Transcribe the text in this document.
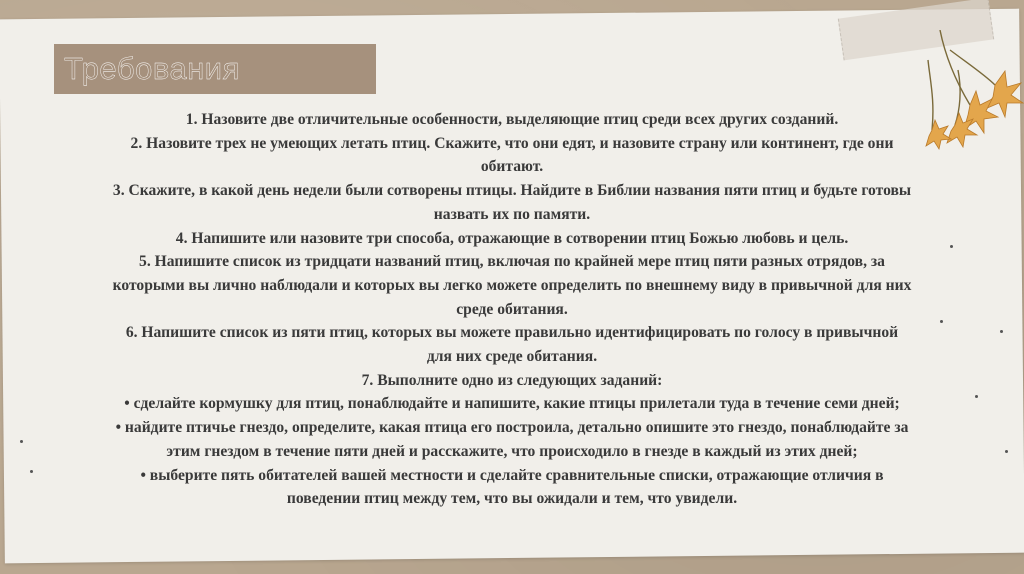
Требования
1. Назовите две отличительные особенности, выделяющие птиц среди всех других созданий.
2. Назовите трех не умеющих летать птиц. Скажите, что они едят, и назовите страну или континент, где они
обитают.
3. Скажите, в какой день недели были сотворены птицы. Найдите в Библии названия пяти птиц и будьте готовы
назвать их по памяти.
4. Напишите или назовите три способа, отражающие в сотворении птиц Божью любовь и цель.
5. Напишите список из тридцати названий птиц, включая по крайней мере птиц пяти разных отрядов, за
которыми вы лично наблюдали и которых вы легко можете определить по внешнему виду в привычной для них
среде обитания.
6. Напишите список из пяти птиц, которых вы можете правильно идентифицировать по голосу в привычной
для них среде обитания.
7. Выполните одно из следующих заданий:
• сделайте кормушку для птиц, понаблюдайте и напишите, какие птицы прилетали туда в течение семи дней;
• найдите птичье гнездо, определите, какая птица его построила, детально опишите это гнездо, понаблюдайте за
этим гнездом в течение пяти дней и расскажите, что происходило в гнезде в каждый из этих дней;
• выберите пять обитателей вашей местности и сделайте сравнительные списки, отражающие отличия в
поведении птиц между тем, что вы ожидали и тем, что увидели.
